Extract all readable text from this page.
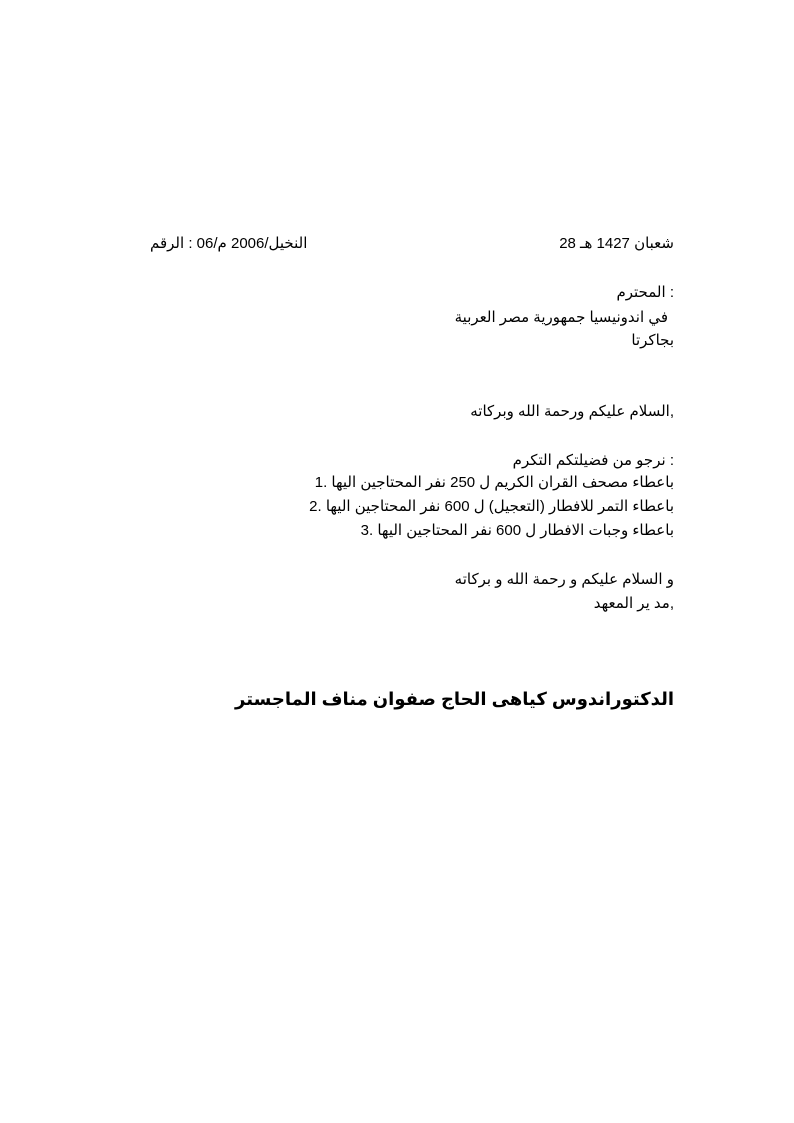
شعبان 1427 هـ 28
النخيل/2006 م/06 : الرقم
: المحترم
في اندونيسيا جمهورية مصر العربية
بجاكرتا
,السلام عليكم ورحمة الله وبركاته
: نرجو من فضيلتكم التكرم
باعطاء مصحف القران الكريم ل 250 نفر المحتاجين اليها .1
باعطاء التمر للافطار (التعجيل) ل 600 نفر المحتاجين اليها .2
باعطاء وجبات الافطار ل 600 نفر المحتاجين اليها .3
و السلام عليكم و رحمة الله و بركاته
,مد ير المعهد
الدكتوراندوس كياهى الحاج صفوان مناف الماجستر
